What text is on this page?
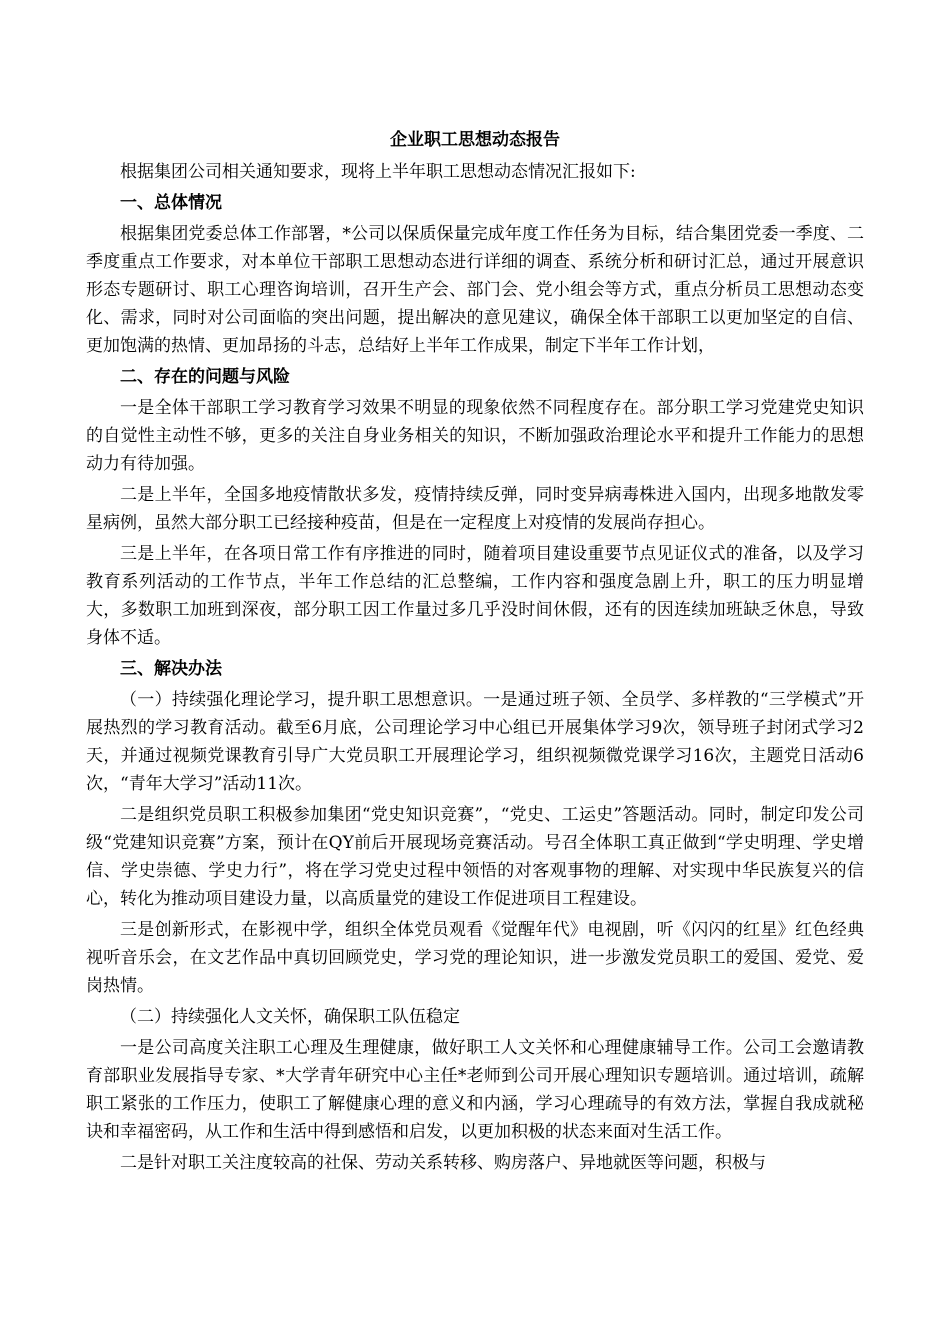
企业职工思想动态报告

根据集团公司相关通知要求，现将上半年职工思想动态情况汇报如下:

一、总体情况

根据集团党委总体工作部署，*公司以保质保量完成年度工作任务为目标，结合集团党委一季度、二季度重点工作要求，对本单位干部职工思想动态进行详细的调查、系统分析和研讨汇总，通过开展意识形态专题研讨、职工心理咨询培训，召开生产会、部门会、党小组会等方式，重点分析员工思想动态变化、需求，同时对公司面临的突出问题，提出解决的意见建议，确保全体干部职工以更加坚定的自信、更加饱满的热情、更加昂扬的斗志，总结好上半年工作成果，制定下半年工作计划，

二、存在的问题与风险

一是全体干部职工学习教育学习效果不明显的现象依然不同程度存在。部分职工学习党建党史知识的自觉性主动性不够，更多的关注自身业务相关的知识，不断加强政治理论水平和提升工作能力的思想动力有待加强。

二是上半年，全国多地疫情散状多发，疫情持续反弹，同时变异病毒株进入国内，出现多地散发零星病例，虽然大部分职工已经接种疫苗，但是在一定程度上对疫情的发展尚存担心。

三是上半年，在各项日常工作有序推进的同时，随着项目建设重要节点见证仪式的准备，以及学习教育系列活动的工作节点，半年工作总结的汇总整编，工作内容和强度急剧上升，职工的压力明显增大，多数职工加班到深夜，部分职工因工作量过多几乎没时间休假，还有的因连续加班缺乏休息，导致身体不适。

三、解决办法

（一）持续强化理论学习，提升职工思想意识。一是通过班子领、全员学、多样教的“三学模式”开展热烈的学习教育活动。截至6月底，公司理论学习中心组已开展集体学习9次，领导班子封闭式学习2天，并通过视频党课教育引导广大党员职工开展理论学习，组织视频微党课学习16次，主题党日活动6次，“青年大学习”活动11次。

二是组织党员职工积极参加集团“党史知识竞赛”，“党史、工运史”答题活动。同时，制定印发公司级“党建知识竞赛”方案，预计在QY前后开展现场竞赛活动。号召全体职工真正做到“学史明理、学史增信、学史崇德、学史力行”，将在学习党史过程中领悟的对客观事物的理解、对实现中华民族复兴的信心，转化为推动项目建设力量，以高质量党的建设工作促进项目工程建设。

三是创新形式，在影视中学，组织全体党员观看《觉醒年代》电视剧，听《闪闪的红星》红色经典视听音乐会，在文艺作品中真切回顾党史，学习党的理论知识，进一步激发党员职工的爱国、爱党、爱岗热情。

（二）持续强化人文关怀，确保职工队伍稳定

一是公司高度关注职工心理及生理健康，做好职工人文关怀和心理健康辅导工作。公司工会邀请教育部职业发展指导专家、*大学青年研究中心主任*老师到公司开展心理知识专题培训。通过培训，疏解职工紧张的工作压力，使职工了解健康心理的意义和内涵，学习心理疏导的有效方法，掌握自我成就秘诀和幸福密码，从工作和生活中得到感悟和启发，以更加积极的状态来面对生活工作。

二是针对职工关注度较高的社保、劳动关系转移、购房落户、异地就医等问题，积极与
